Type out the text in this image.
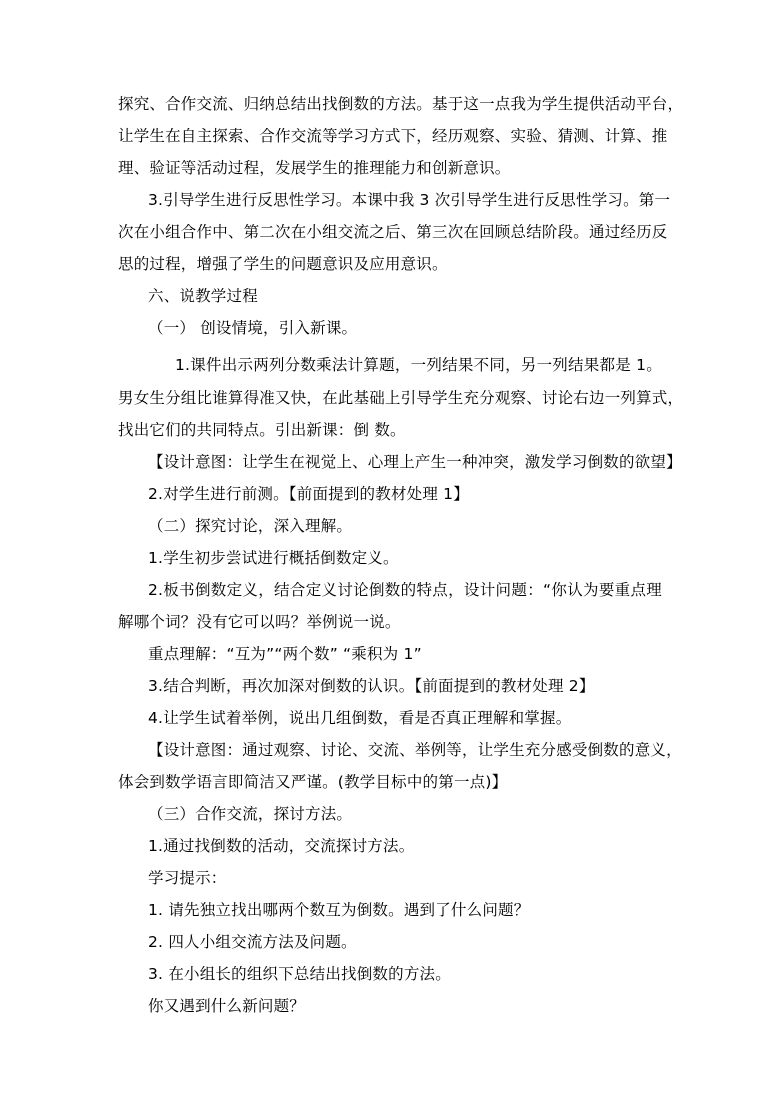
探究、合作交流、归纳总结出找倒数的方法。基于这一点我为学生提供活动平台，
让学生在自主探索、合作交流等学习方式下，经历观察、实验、猜测、计算、推
理、验证等活动过程，发展学生的推理能力和创新意识。
3.引导学生进行反思性学习。本课中我 3 次引导学生进行反思性学习。第一
次在小组合作中、第二次在小组交流之后、第三次在回顾总结阶段。通过经历反
思的过程，增强了学生的问题意识及应用意识。
六、说教学过程
（一） 创设情境，引入新课。
1.课件出示两列分数乘法计算题，一列结果不同，另一列结果都是 1。
男女生分组比谁算得准又快，在此基础上引导学生充分观察、讨论右边一列算式，
找出它们的共同特点。引出新课：倒 数。
【设计意图：让学生在视觉上、心理上产生一种冲突，激发学习倒数的欲望】
2.对学生进行前测。【前面提到的教材处理 1】
（二）探究讨论，深入理解。
1.学生初步尝试进行概括倒数定义。
2.板书倒数定义，结合定义讨论倒数的特点，设计问题：“你认为要重点理
解哪个词？没有它可以吗？举例说一说。
重点理解：“互为”“两个数” “乘积为 1”
3.结合判断，再次加深对倒数的认识。【前面提到的教材处理 2】
4.让学生试着举例，说出几组倒数，看是否真正理解和掌握。
【设计意图：通过观察、讨论、交流、举例等，让学生充分感受倒数的意义，
体会到数学语言即简洁又严谨。(教学目标中的第一点)】
（三）合作交流，探讨方法。
1.通过找倒数的活动，交流探讨方法。
学习提示：
1. 请先独立找出哪两个数互为倒数。遇到了什么问题？
2. 四人小组交流方法及问题。
3. 在小组长的组织下总结出找倒数的方法。
你又遇到什么新问题？
